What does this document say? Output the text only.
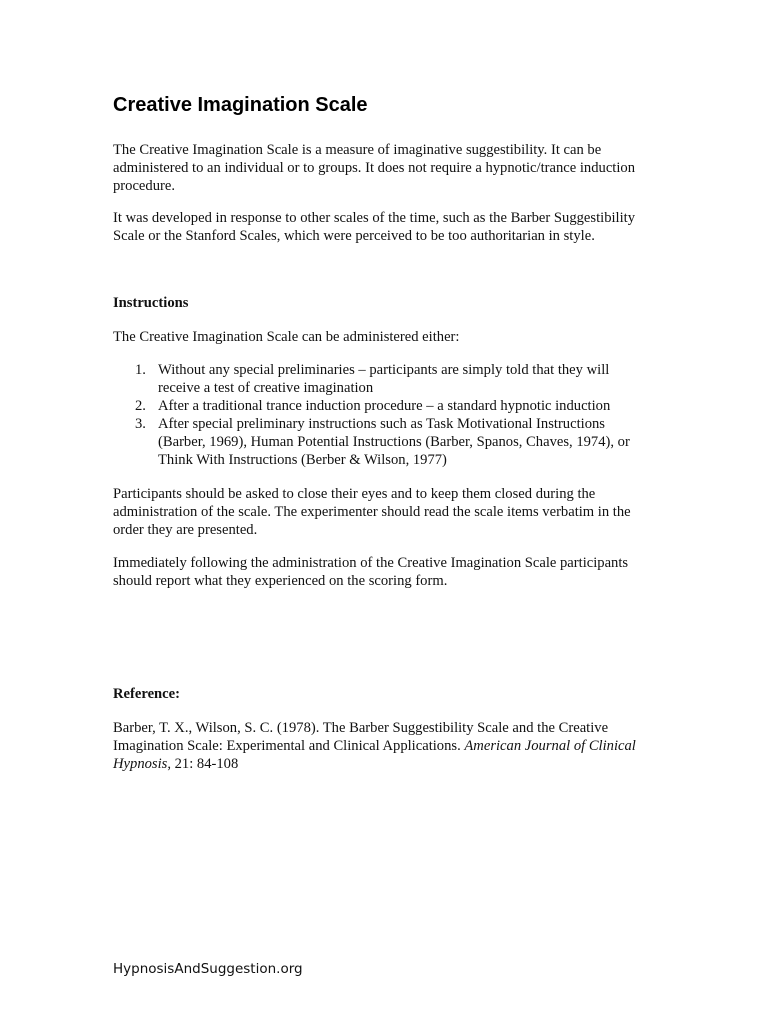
Creative Imagination Scale

The Creative Imagination Scale is a measure of imaginative suggestibility. It can be
administered to an individual or to groups. It does not require a hypnotic/trance induction
procedure.

It was developed in response to other scales of the time, such as the Barber Suggestibility
Scale or the Stanford Scales, which were perceived to be too authoritarian in style.

Instructions

The Creative Imagination Scale can be administered either:

1. Without any special preliminaries – participants are simply told that they will
receive a test of creative imagination
2. After a traditional trance induction procedure – a standard hypnotic induction
3. After special preliminary instructions such as Task Motivational Instructions
(Barber, 1969), Human Potential Instructions (Barber, Spanos, Chaves, 1974), or
Think With Instructions (Berber & Wilson, 1977)

Participants should be asked to close their eyes and to keep them closed during the
administration of the scale. The experimenter should read the scale items verbatim in the
order they are presented.

Immediately following the administration of the Creative Imagination Scale participants
should report what they experienced on the scoring form.

Reference:

Barber, T. X., Wilson, S. C. (1978). The Barber Suggestibility Scale and the Creative
Imagination Scale: Experimental and Clinical Applications. American Journal of Clinical
Hypnosis, 21: 84-108

HypnosisAndSuggestion.org
